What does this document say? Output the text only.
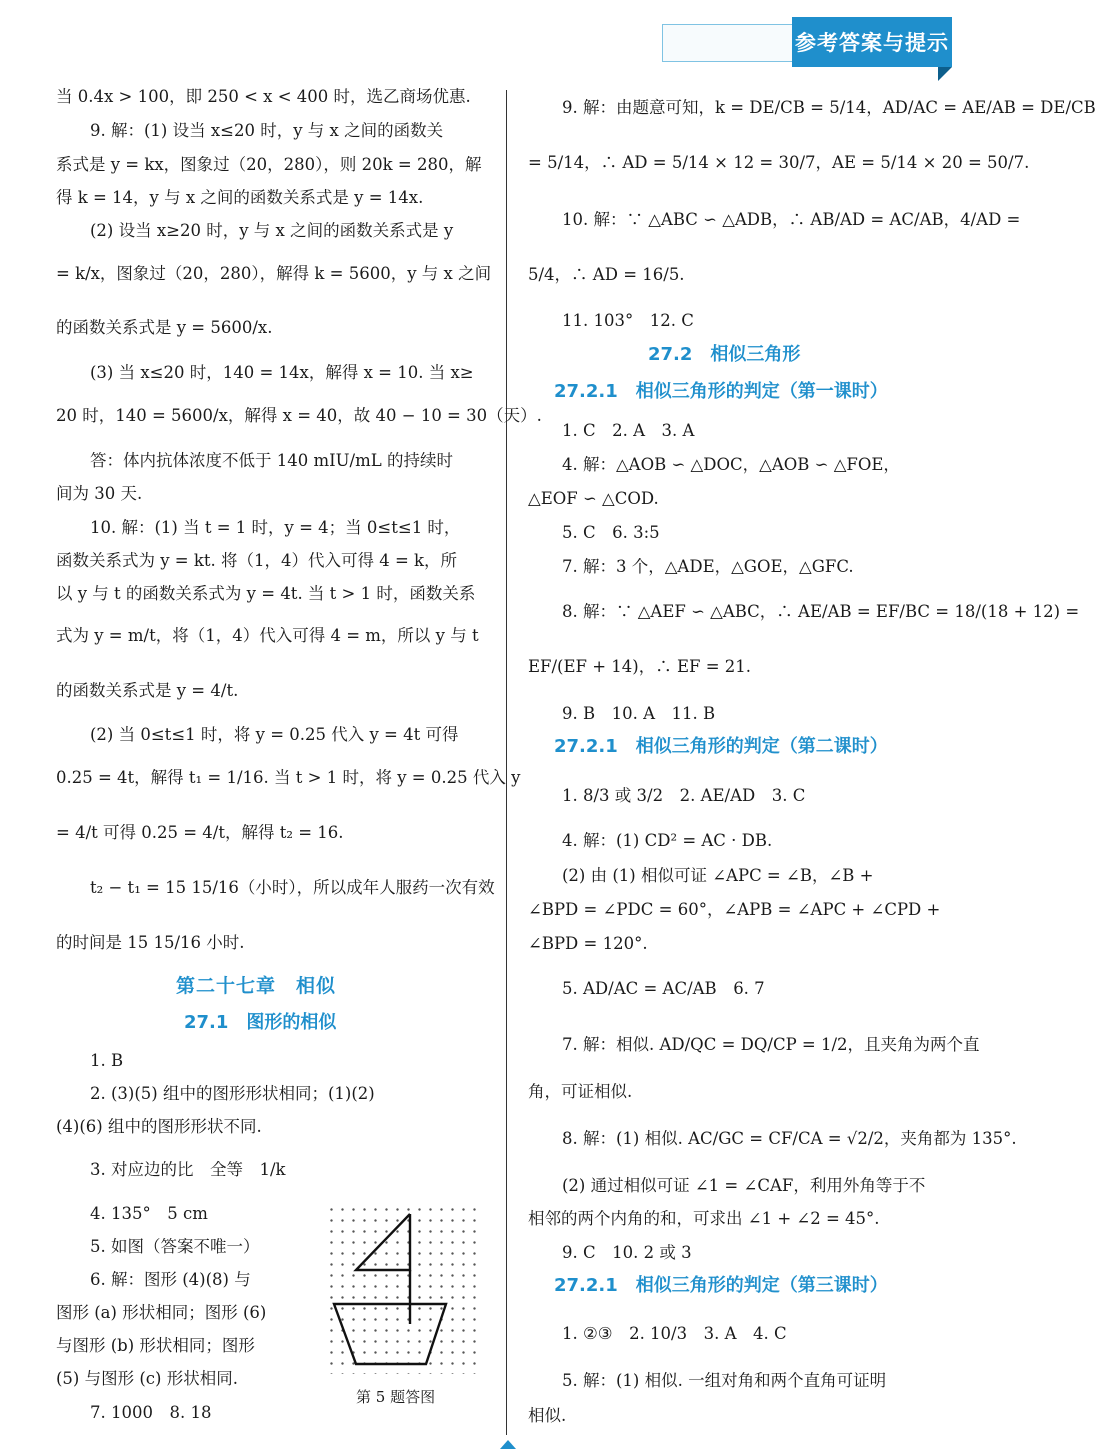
参考答案与提示
当 0.4x > 100，即 250 < x < 400 时，选乙商场优惠.
9. 解：(1) 设当 x≤20 时，y 与 x 之间的函数关
系式是 y = kx，图象过（20，280），则 20k = 280，解
得 k = 14，y 与 x 之间的函数关系式是 y = 14x.
(2) 设当 x≥20 时，y 与 x 之间的函数关系式是 y
= k/x，图象过（20，280），解得 k = 5600，y 与 x 之间
的函数关系式是 y = 5600/x.
(3) 当 x≤20 时，140 = 14x，解得 x = 10. 当 x≥
20 时，140 = 5600/x，解得 x = 40，故 40 − 10 = 30（天）.
答：体内抗体浓度不低于 140 mIU/mL 的持续时
间为 30 天.
10. 解：(1) 当 t = 1 时，y = 4；当 0≤t≤1 时，
函数关系式为 y = kt. 将（1，4）代入可得 4 = k，所
以 y 与 t 的函数关系式为 y = 4t. 当 t > 1 时，函数关系
式为 y = m/t，将（1，4）代入可得 4 = m，所以 y 与 t
的函数关系式是 y = 4/t.
(2) 当 0≤t≤1 时，将 y = 0.25 代入 y = 4t 可得
0.25 = 4t，解得 t₁ = 1/16. 当 t > 1 时，将 y = 0.25 代入 y
= 4/t 可得 0.25 = 4/t，解得 t₂ = 16.
t₂ − t₁ = 15 15/16（小时），所以成年人服药一次有效
的时间是 15 15/16 小时.
第二十七章　相似
27.1　图形的相似
1. B
2. (3)(5) 组中的图形形状相同；(1)(2)
(4)(6) 组中的图形形状不同.
3. 对应边的比　全等　1/k
4. 135°　5 cm
5. 如图（答案不唯一）
6. 解：图形 (4)(8) 与
图形 (a) 形状相同；图形 (6)
与图形 (b) 形状相同；图形
(5) 与图形 (c) 形状相同.
7. 1000　8. 18
第 5 题答图
9. 解：由题意可知，k = DE/CB = 5/14，AD/AC = AE/AB = DE/CB
= 5/14，∴ AD = 5/14 × 12 = 30/7，AE = 5/14 × 20 = 50/7.
10. 解：∵ △ABC ∽ △ADB，∴ AB/AD = AC/AB，4/AD =
5/4，∴ AD = 16/5.
11. 103°　12. C
27.2　相似三角形
27.2.1　相似三角形的判定（第一课时）
1. C　2. A　3. A
4. 解：△AOB ∽ △DOC，△AOB ∽ △FOE，
△EOF ∽ △COD.
5. C　6. 3:5
7. 解：3 个，△ADE，△GOE，△GFC.
8. 解：∵ △AEF ∽ △ABC，∴ AE/AB = EF/BC = 18/(18 + 12) =
EF/(EF + 14)，∴ EF = 21.
9. B　10. A　11. B
27.2.1　相似三角形的判定（第二课时）
1. 8/3 或 3/2　2. AE/AD　3. C
4. 解：(1) CD² = AC · DB.
(2) 由 (1) 相似可证 ∠APC = ∠B，∠B +
∠BPD = ∠PDC = 60°，∠APB = ∠APC + ∠CPD +
∠BPD = 120°.
5. AD/AC = AC/AB　6. 7
7. 解：相似. AD/QC = DQ/CP = 1/2，且夹角为两个直
角，可证相似.
8. 解：(1) 相似. AC/GC = CF/CA = √2/2，夹角都为 135°.
(2) 通过相似可证 ∠1 = ∠CAF，利用外角等于不
相邻的两个内角的和，可求出 ∠1 + ∠2 = 45°.
9. C　10. 2 或 3
27.2.1　相似三角形的判定（第三课时）
1. ②③　2. 10/3　3. A　4. C
5. 解：(1) 相似. 一组对角和两个直角可证明
相似.
